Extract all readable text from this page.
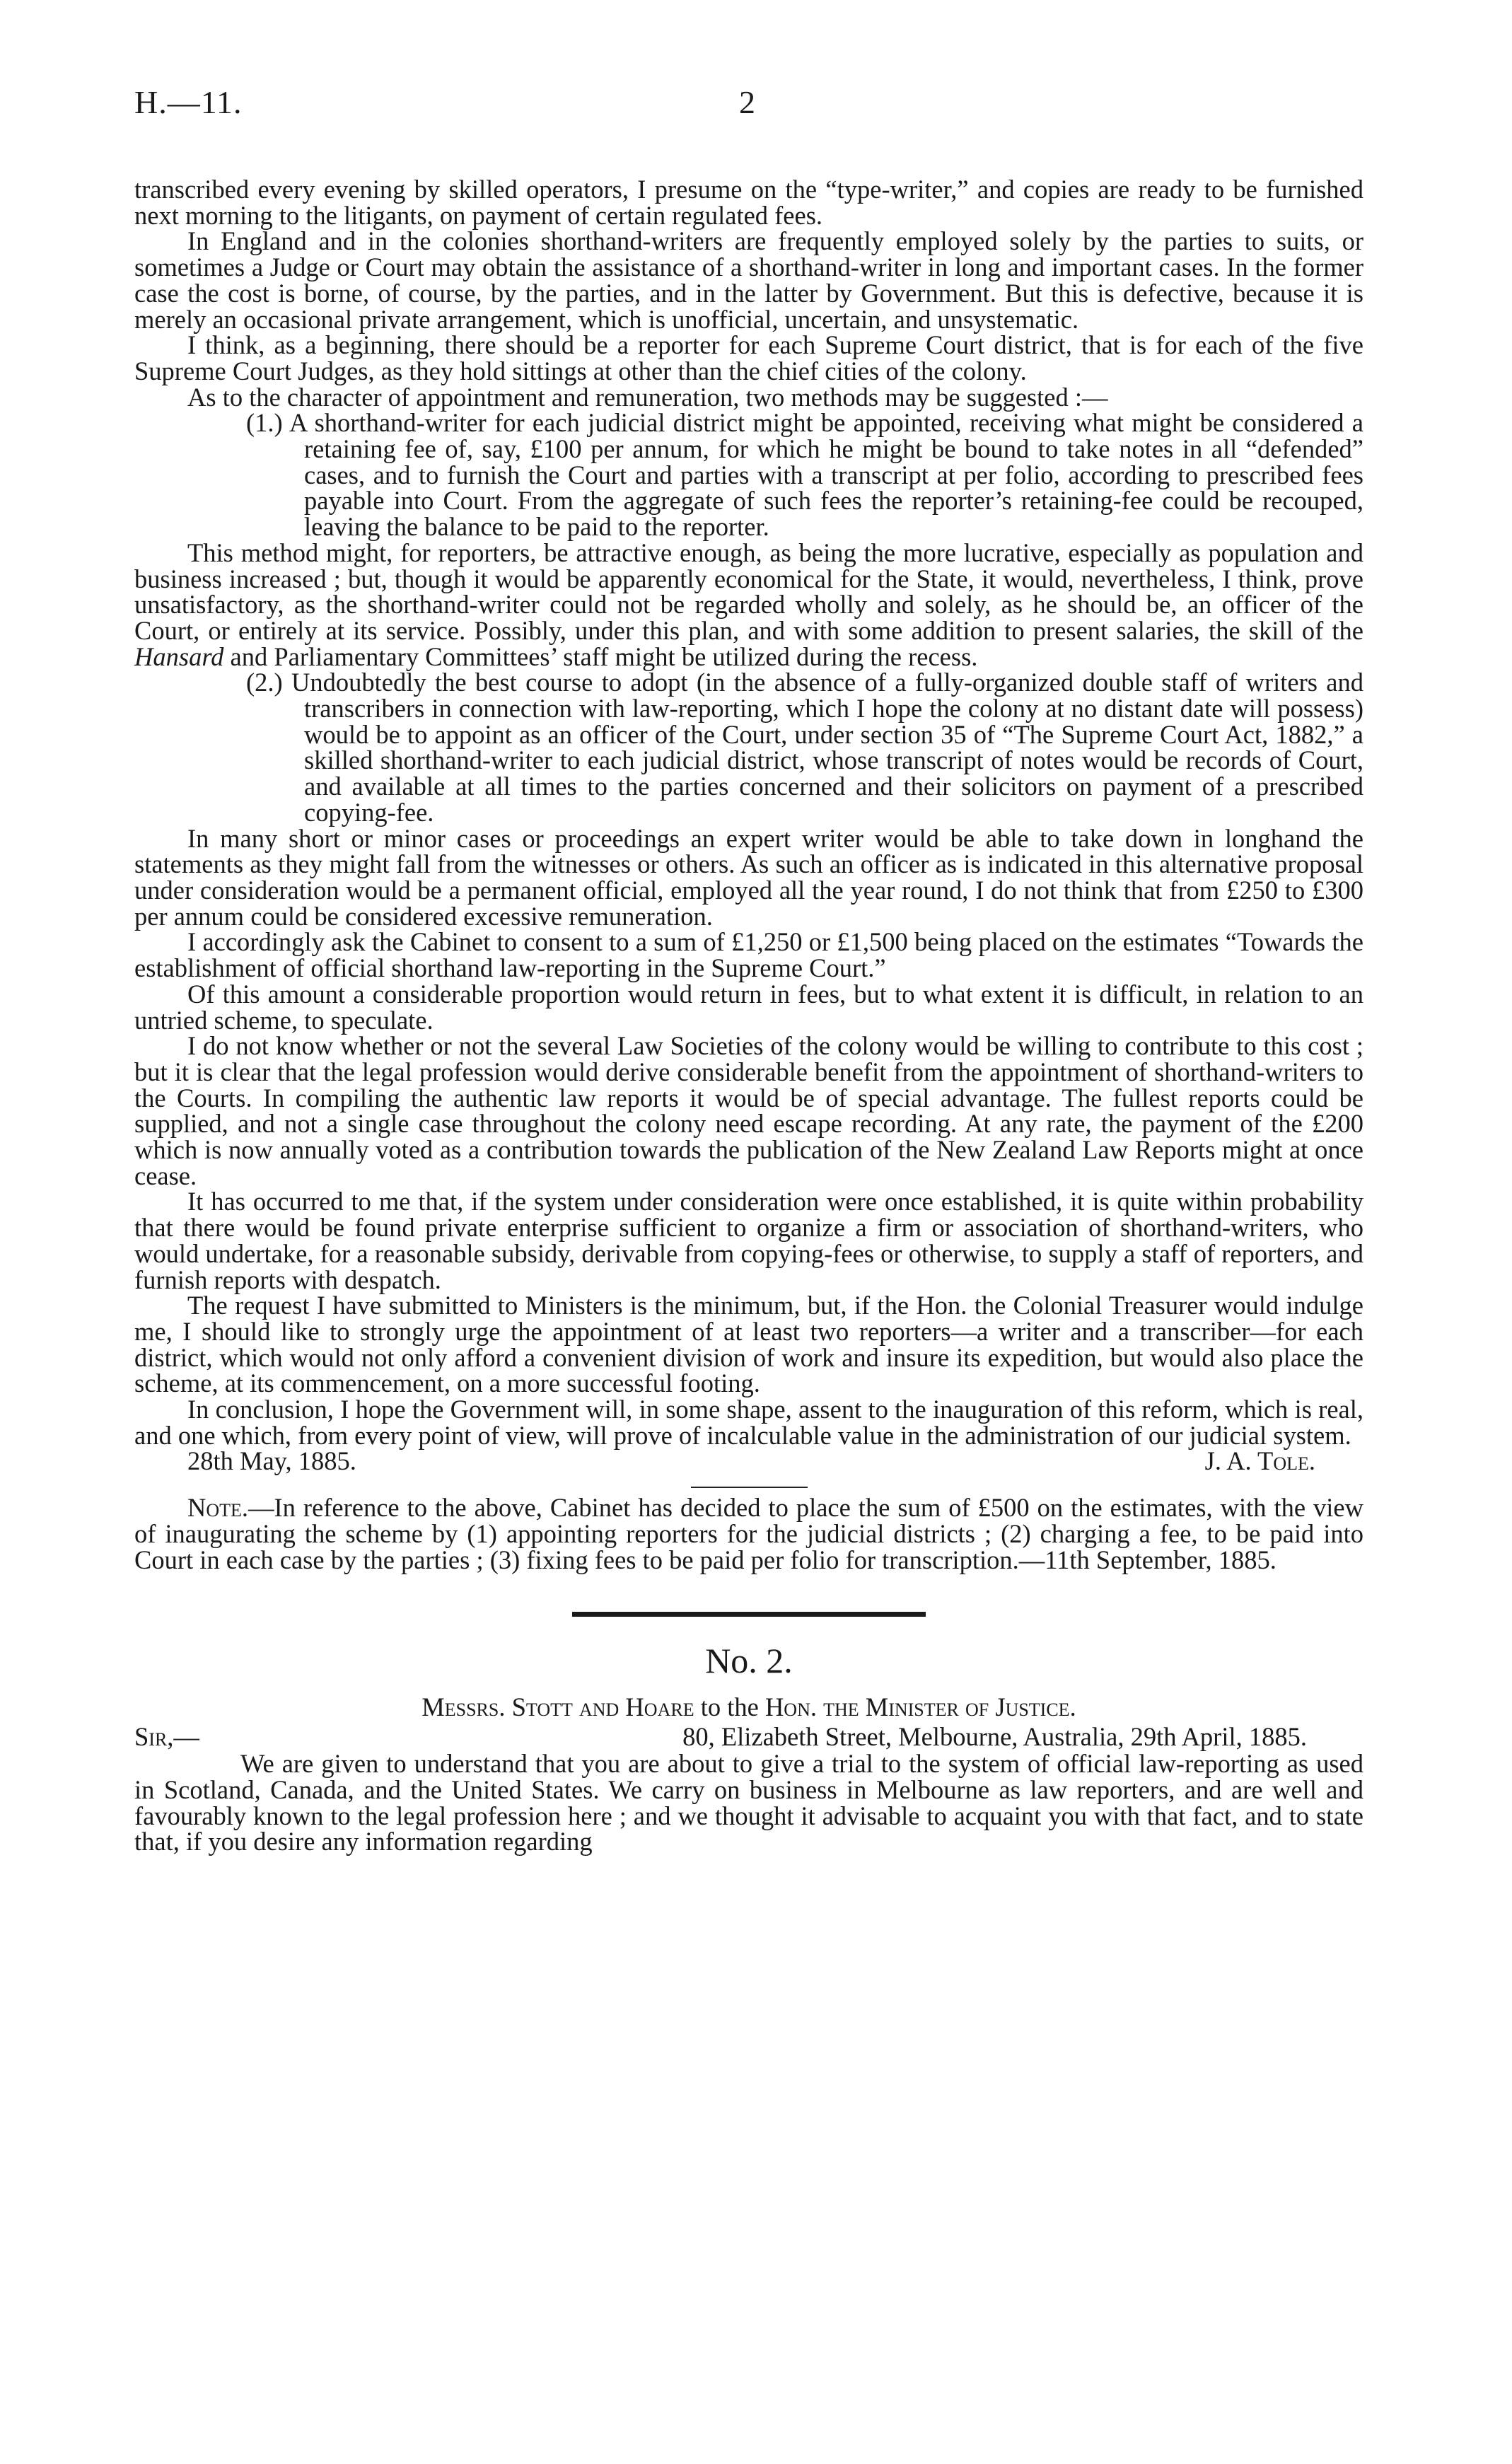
H.—11.	2

transcribed every evening by skilled operators, I presume on the “type-writer,” and copies are ready to be furnished next morning to the litigants, on payment of certain regulated fees.

In England and in the colonies shorthand-writers are frequently employed solely by the parties to suits, or sometimes a Judge or Court may obtain the assistance of a shorthand-writer in long and important cases. In the former case the cost is borne, of course, by the parties, and in the latter by Government. But this is defective, because it is merely an occasional private arrangement, which is unofficial, uncertain, and unsystematic.

I think, as a beginning, there should be a reporter for each Supreme Court district, that is for each of the five Supreme Court Judges, as they hold sittings at other than the chief cities of the colony.

As to the character of appointment and remuneration, two methods may be suggested :—

(1.) A shorthand-writer for each judicial district might be appointed, receiving what might be considered a retaining fee of, say, £100 per annum, for which he might be bound to take notes in all “defended” cases, and to furnish the Court and parties with a transcript at per folio, according to prescribed fees payable into Court. From the aggregate of such fees the reporter’s retaining-fee could be recouped, leaving the balance to be paid to the reporter.

This method might, for reporters, be attractive enough, as being the more lucrative, especially as population and business increased ; but, though it would be apparently economical for the State, it would, nevertheless, I think, prove unsatisfactory, as the shorthand-writer could not be regarded wholly and solely, as he should be, an officer of the Court, or entirely at its service. Possibly, under this plan, and with some addition to present salaries, the skill of the Hansard and Parliamentary Committees’ staff might be utilized during the recess.

(2.) Undoubtedly the best course to adopt (in the absence of a fully-organized double staff of writers and transcribers in connection with law-reporting, which I hope the colony at no distant date will possess) would be to appoint as an officer of the Court, under section 35 of “The Supreme Court Act, 1882,” a skilled shorthand-writer to each judicial district, whose transcript of notes would be records of Court, and available at all times to the parties concerned and their solicitors on payment of a prescribed copying-fee.

In many short or minor cases or proceedings an expert writer would be able to take down in longhand the statements as they might fall from the witnesses or others. As such an officer as is indicated in this alternative proposal under consideration would be a permanent official, employed all the year round, I do not think that from £250 to £300 per annum could be considered excessive remuneration.

I accordingly ask the Cabinet to consent to a sum of £1,250 or £1,500 being placed on the estimates “Towards the establishment of official shorthand law-reporting in the Supreme Court.”

Of this amount a considerable proportion would return in fees, but to what extent it is difficult, in relation to an untried scheme, to speculate.

I do not know whether or not the several Law Societies of the colony would be willing to contribute to this cost ; but it is clear that the legal profession would derive considerable benefit from the appointment of shorthand-writers to the Courts. In compiling the authentic law reports it would be of special advantage. The fullest reports could be supplied, and not a single case throughout the colony need escape recording. At any rate, the payment of the £200 which is now annually voted as a contribution towards the publication of the New Zealand Law Reports might at once cease.

It has occurred to me that, if the system under consideration were once established, it is quite within probability that there would be found private enterprise sufficient to organize a firm or association of shorthand-writers, who would undertake, for a reasonable subsidy, derivable from copying-fees or otherwise, to supply a staff of reporters, and furnish reports with despatch.

The request I have submitted to Ministers is the minimum, but, if the Hon. the Colonial Treasurer would indulge me, I should like to strongly urge the appointment of at least two reporters—a writer and a transcriber—for each district, which would not only afford a convenient division of work and insure its expedition, but would also place the scheme, at its commencement, on a more successful footing.

In conclusion, I hope the Government will, in some shape, assent to the inauguration of this reform, which is real, and one which, from every point of view, will prove of incalculable value in the administration of our judicial system.

28th May, 1885.	J. A. Tole.

Note.—In reference to the above, Cabinet has decided to place the sum of £500 on the estimates, with the view of inaugurating the scheme by (1) appointing reporters for the judicial districts ; (2) charging a fee, to be paid into Court in each case by the parties ; (3) fixing fees to be paid per folio for transcription.—11th September, 1885.

No. 2.
Messrs. Stott and Hoare to the Hon. the Minister of Justice.
Sir,—	80, Elizabeth Street, Melbourne, Australia, 29th April, 1885.

We are given to understand that you are about to give a trial to the system of official law-reporting as used in Scotland, Canada, and the United States. We carry on business in Melbourne as law reporters, and are well and favourably known to the legal profession here ; and we thought it advisable to acquaint you with that fact, and to state that, if you desire any information regarding
